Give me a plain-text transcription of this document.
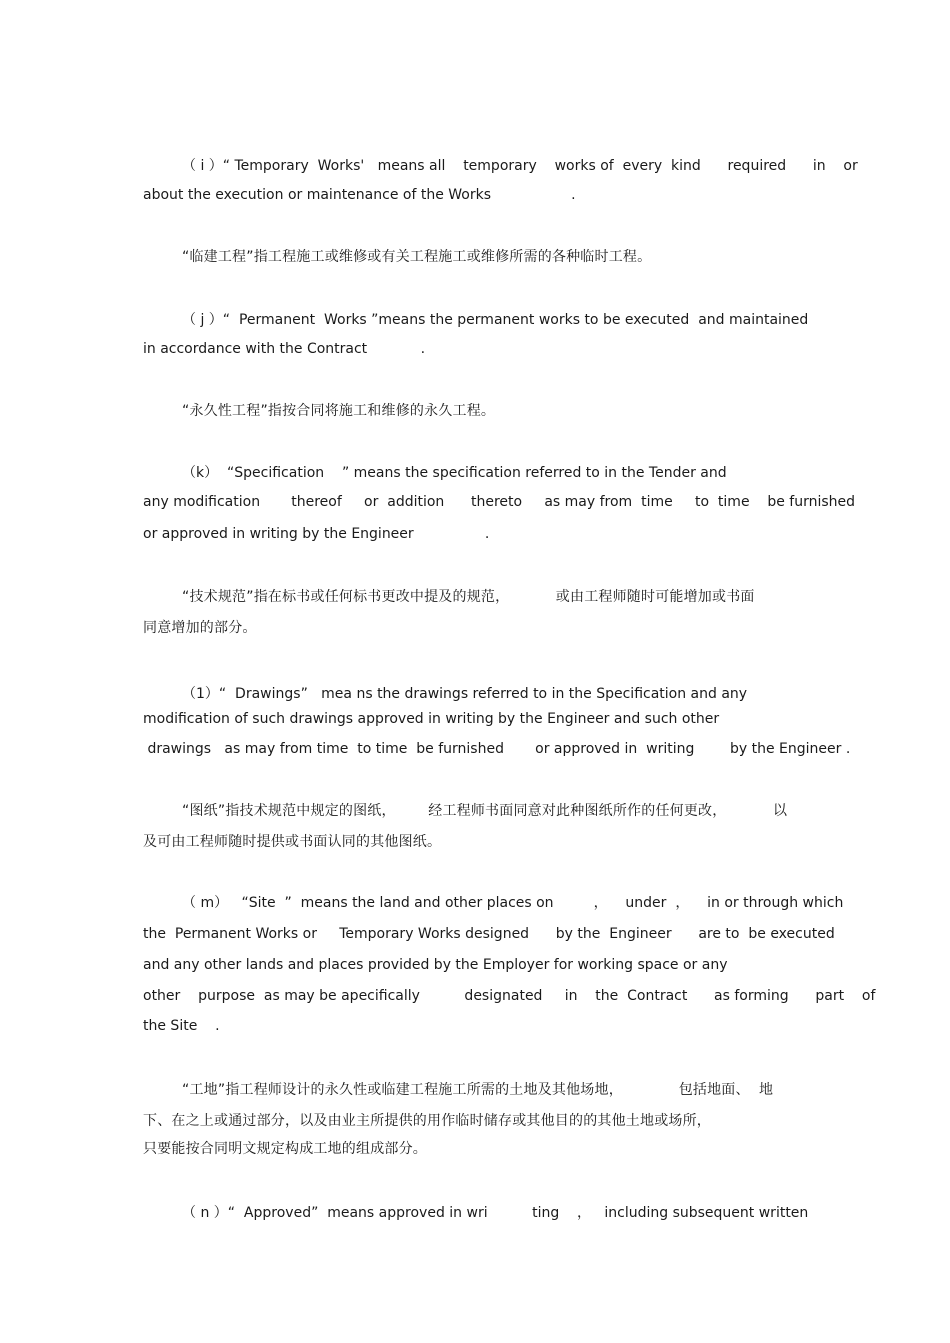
（ i ）“ Temporary  Works'   means all    temporary    works of  every  kind      required      in    or
about the execution or maintenance of the Works                  .
“临建工程”指工程施工或维修或有关工程施工或维修所需的各种临时工程。
（ j ）“  Permanent  Works ”means the permanent works to be executed  and maintained
in accordance with the Contract            .
“永久性工程”指按合同将施工和维修的永久工程。
（k）  “Specification    ” means the specification referred to in the Tender and
any modification       thereof     or  addition      thereto     as may from  time     to  time    be furnished
or approved in writing by the Engineer                .
“技术规范”指在标书或任何标书更改中提及的规范，          或由工程师随时可能增加或书面
同意增加的部分。
（1）“  Drawings”   mea ns the drawings referred to in the Specification and any
modification of such drawings approved in writing by the Engineer and such other
drawings   as may from time  to time  be furnished       or approved in  writing        by the Engineer .
“图纸”指技术规范中规定的图纸，       经工程师书面同意对此种图纸所作的任何更改，          以
及可由工程师随时提供或书面认同的其他图纸。
（ m）   “Site  ”  means the land and other places on         ，    under  ，    in or through which
the  Permanent Works or     Temporary Works designed      by the  Engineer      are to  be executed
and any other lands and places provided by the Employer for working space or any
other    purpose  as may be apecifically          designated     in    the  Contract      as forming      part    of
the Site    .
“工地”指工程师设计的永久性或临建工程施工所需的土地及其他场地，            包括地面、  地
下、在之上或通过部分，以及由业主所提供的用作临时储存或其他目的的其他土地或场所，
只要能按合同明文规定构成工地的组成部分。
（ n ）“  Approved”  means approved in wri          ting    ，   including subsequent written
